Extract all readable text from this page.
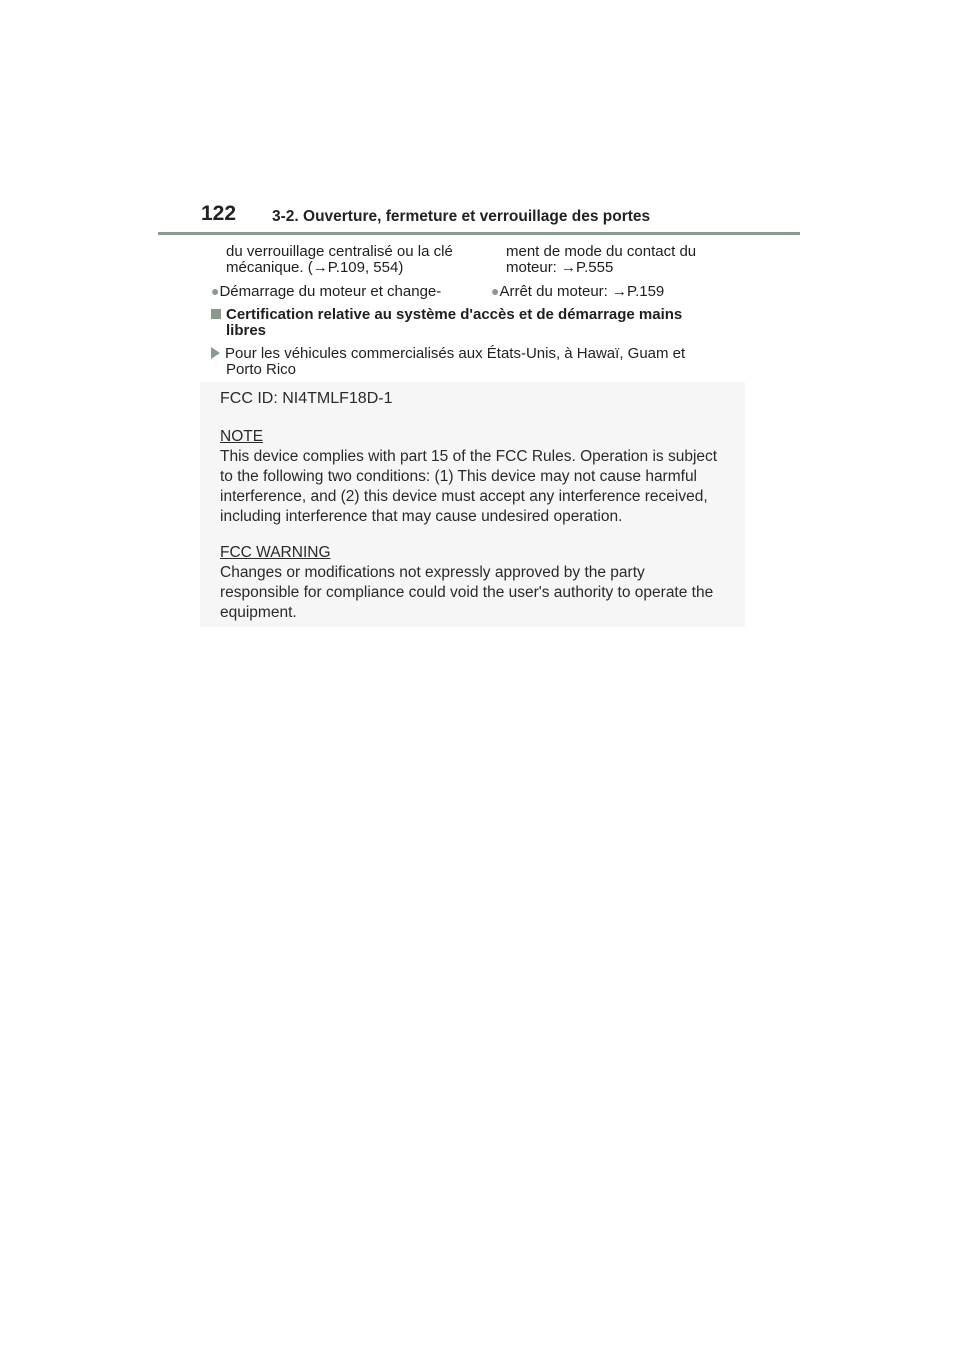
122 3-2. Ouverture, fermeture et verrouillage des portes
du verrouillage centralisé ou la clé
mécanique. (→P.109, 554)
ment de mode du contact du
moteur: →P.555
●Démarrage du moteur et change-	●Arrêt du moteur: →P.159
Certification relative au système d'accès et de démarrage mains
libres
Pour les véhicules commercialisés aux États-Unis, à Hawaï, Guam et
Porto Rico
FCC ID: NI4TMLF18D-1
NOTE
This device complies with part 15 of the FCC Rules. Operation is subject
to the following two conditions: (1) This device may not cause harmful
interference, and (2) this device must accept any interference received,
including interference that may cause undesired operation.
FCC WARNING
Changes or modifications not expressly approved by the party
responsible for compliance could void the user's authority to operate the
equipment.
